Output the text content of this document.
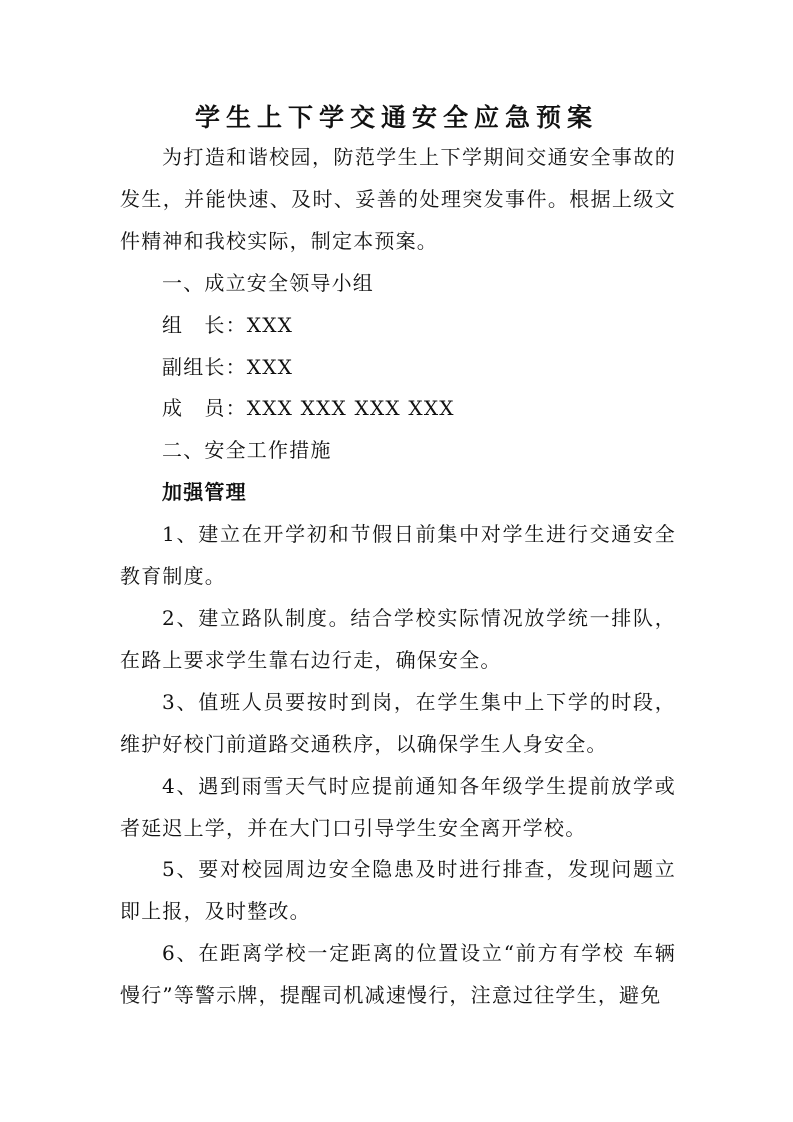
学生上下学交通安全应急预案

为打造和谐校园，防范学生上下学期间交通安全事故的发生，并能快速、及时、妥善的处理突发事件。根据上级文件精神和我校实际，制定本预案。

一、成立安全领导小组

组　长：XXX

副组长：XXX

成　员：XXX XXX XXX XXX

二、安全工作措施

加强管理

1、建立在开学初和节假日前集中对学生进行交通安全教育制度。

2、建立路队制度。结合学校实际情况放学统一排队，在路上要求学生靠右边行走，确保安全。

3、值班人员要按时到岗，在学生集中上下学的时段，维护好校门前道路交通秩序，以确保学生人身安全。

4、遇到雨雪天气时应提前通知各年级学生提前放学或者延迟上学，并在大门口引导学生安全离开学校。

5、要对校园周边安全隐患及时进行排查，发现问题立即上报，及时整改。

6、在距离学校一定距离的位置设立“前方有学校 车辆慢行”等警示牌，提醒司机减速慢行，注意过往学生，避免
